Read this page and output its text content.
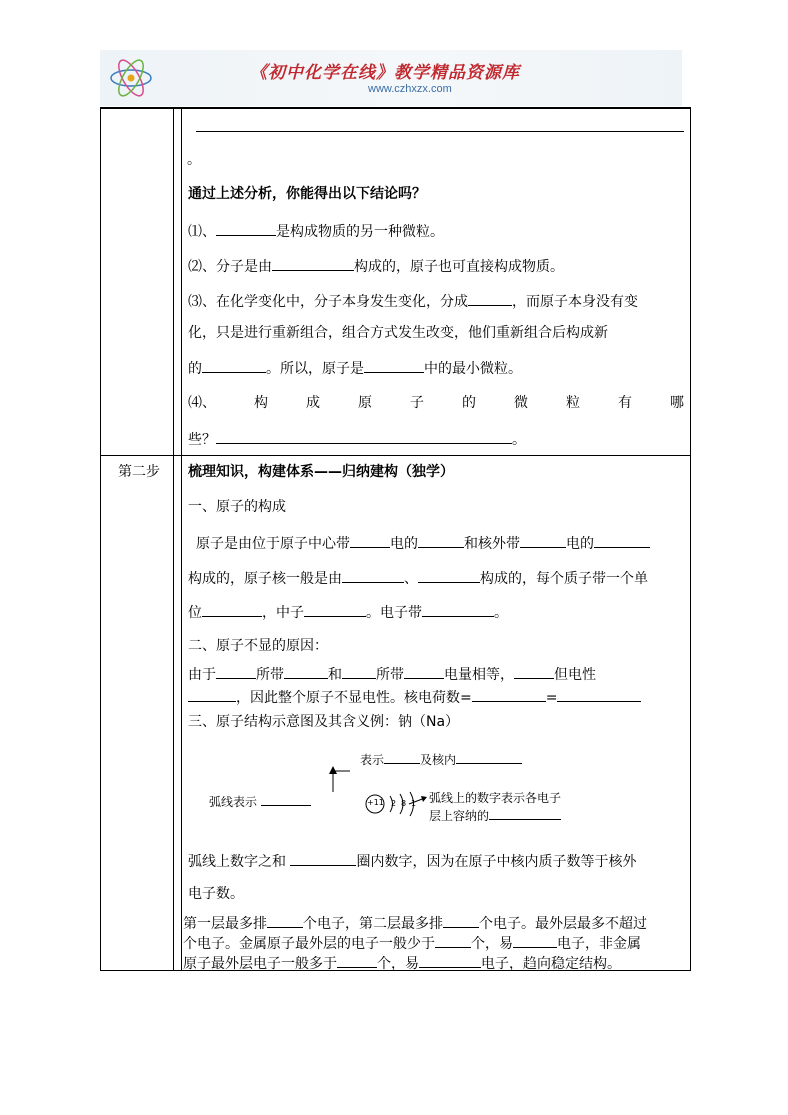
《初中化学在线》教学精品资源库
www.czhxzx.com
。
通过上述分析，你能得出以下结论吗？
⑴、	是构成物质的另一种微粒。
⑵、分子是由	构成的，原子也可直接构成物质。
⑶、在化学变化中，分子本身发生变化，分成	，而原子本身没有变
化，只是进行重新组合，组合方式发生改变，他们重新组合后构成新
的	。所以，原子是	中的最小微粒。
⑷、	构	成	原	子	的	微	粒	有	哪
些？	。
第二步 梳理知识，构建体系——归纳建构（独学）
一、原子的构成
原子是由位于原子中心带	电的	和核外带	电的
构成的，原子核一般是由	、	构成的，每个质子带一个单
位	，中子	。电子带	。
二、原子不显的原因：
由于	所带	和 所带	电量相等，	但电性
，因此整个原子不显电性。核电荷数=	=
三、原子结构示意图及其含义例：钠（Na）
表示	及核内
弧线表示	+11 2 8 1 弧线上的数字表示各电子
层上容纳的
弧线上数字之和	圈内数字，因为在原子中核内质子数等于核外
电子数。
第一层最多排	个电子，第二层最多排	个电子。最外层最多不超过
个电子。金属原子最外层的电子一般少于	个，易	电子，非金属
原子最外层电子一般多于	个，易	电子，趋向稳定结构。
